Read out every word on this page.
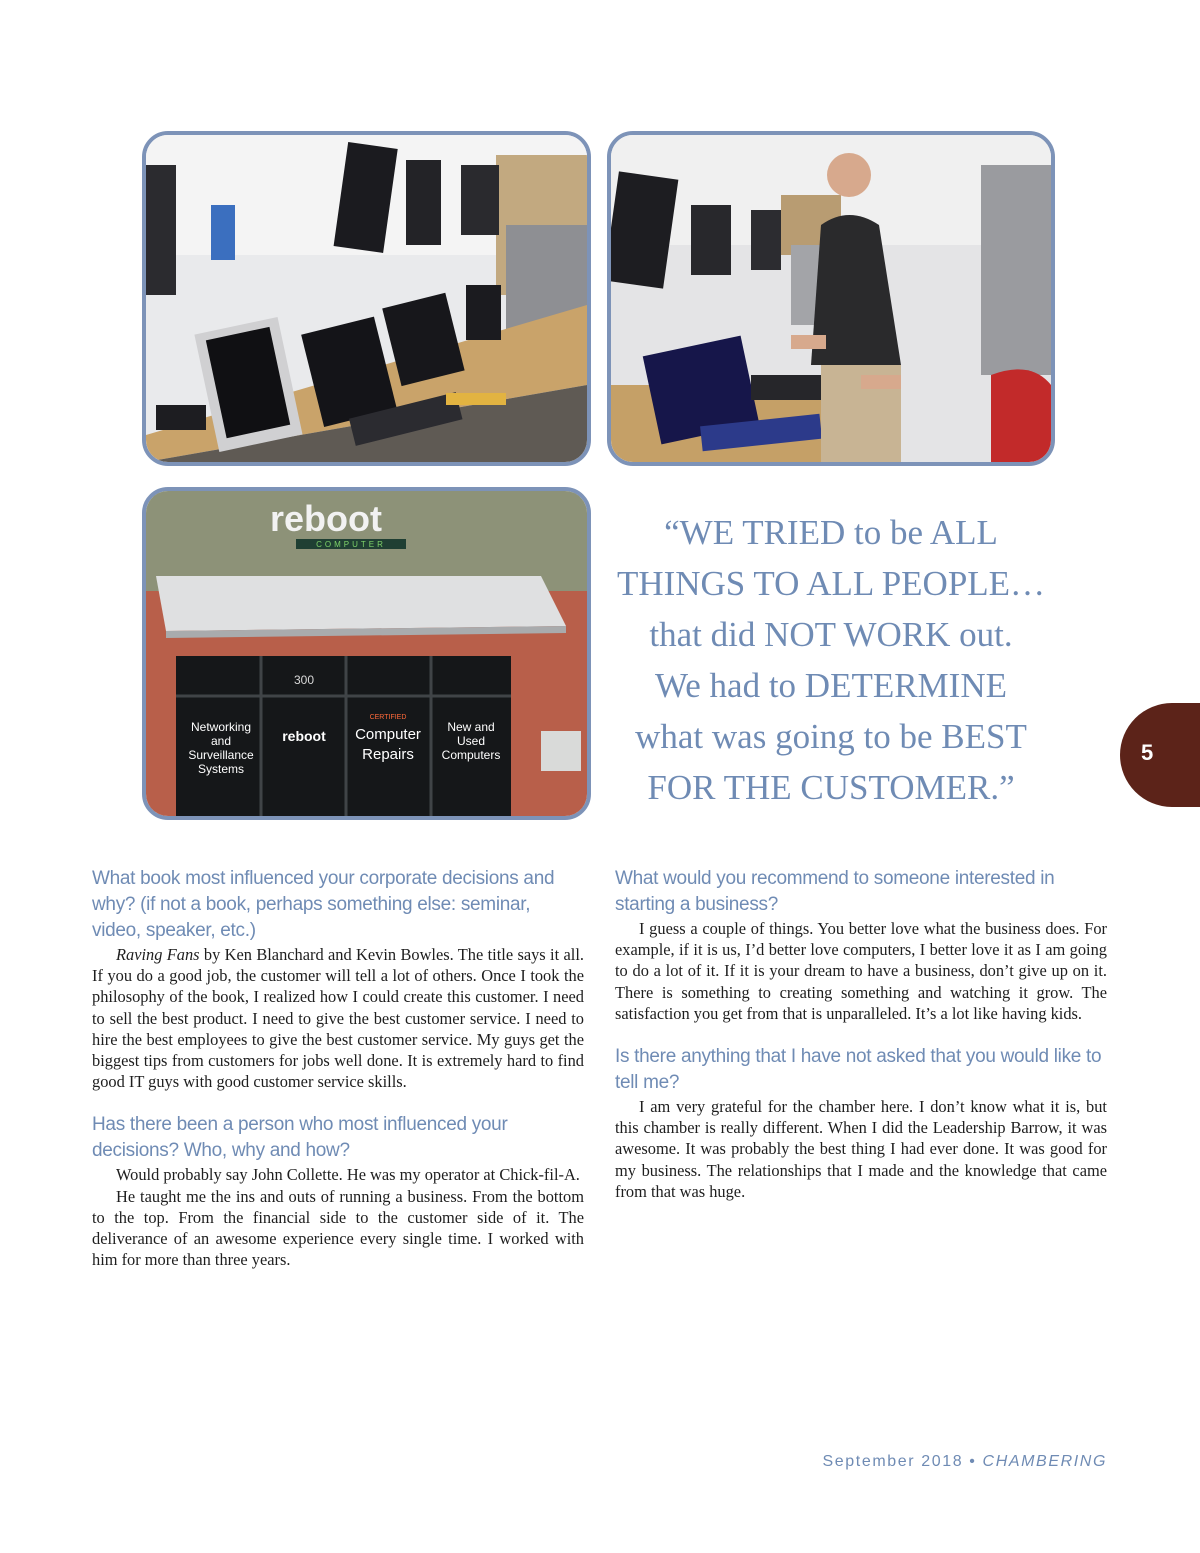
reboot
COMPUTER
300
Networking
and
Surveillance
Systems
reboot
CERTIFIED
Computer
Repairs
New and
Used
Computers
“WE TRIED to be ALL
THINGS TO ALL PEOPLE…
that did NOT WORK out.
We had to DETERMINE
what was going to be BEST
FOR THE CUSTOMER.”
5

What book most influenced your corporate decisions and why? (if not a book, perhaps something else: seminar, video, speaker, etc.)

Raving Fans by Ken Blanchard and Kevin Bowles. The title says it all. If you do a good job, the customer will tell a lot of others. Once I took the philosophy of the book, I realized how I could create this customer. I need to sell the best product. I need to give the best customer service. I need to hire the best employees to give the best customer service. My guys get the biggest tips from customers for jobs well done. It is extremely hard to find good IT guys with good customer service skills.

Has there been a person who most influenced your decisions? Who, why and how?

Would probably say John Collette. He was my operator at Chick-fil-A.

He taught me the ins and outs of running a business. From the bottom to the top. From the financial side to the customer side of it. The deliverance of an awesome experience every single time. I worked with him for more than three years.

What would you recommend to someone interested in starting a business?

I guess a couple of things. You better love what the business does. For example, if it is us, I’d better love computers, I better love it as I am going to do a lot of it. If it is your dream to have a business, don’t give up on it. There is something to creating something and watching it grow. The satisfaction you get from that is unparalleled. It’s a lot like having kids.

Is there anything that I have not asked that you would like to tell me?

I am very grateful for the chamber here. I don’t know what it is, but this chamber is really different. When I did the Leadership Barrow, it was awesome. It was probably the best thing I had ever done. It was good for my business. The relationships that I made and the knowledge that came from that was huge.

September 2018 • CHAMBERING
